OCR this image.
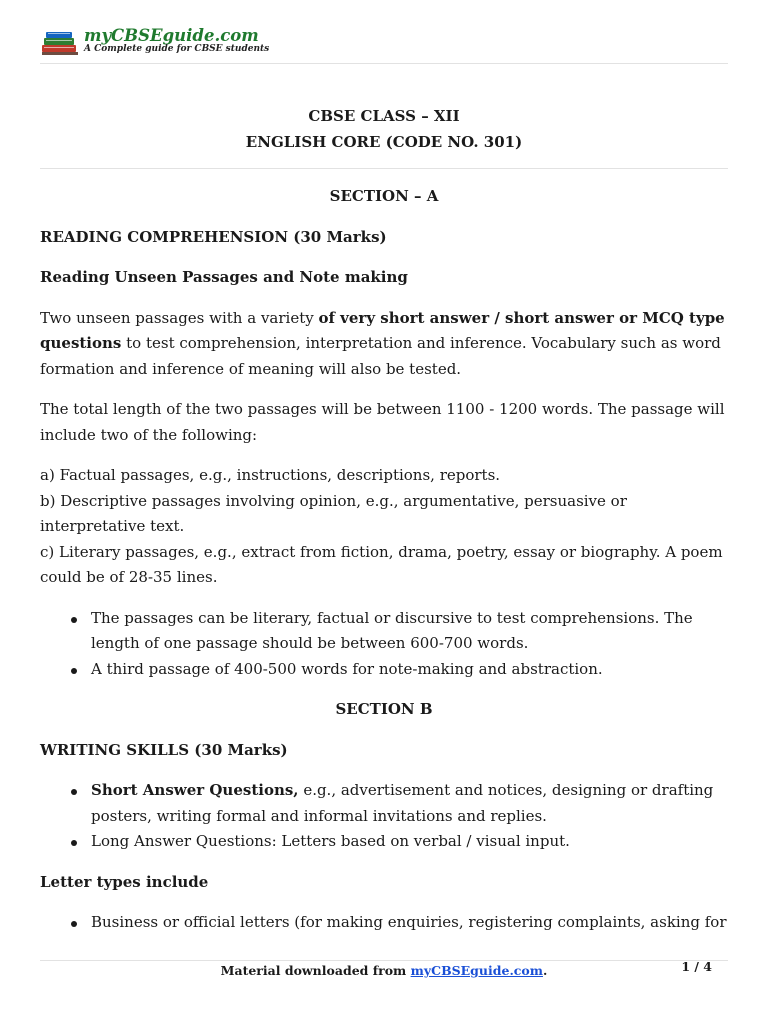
myCBSEguide.com
A Complete guide for CBSE students

CBSE CLASS – XII

ENGLISH CORE (CODE NO. 301)

SECTION – A

READING COMPREHENSION (30 Marks)

Reading Unseen Passages and Note making

Two unseen passages with a variety of very short answer / short answer or MCQ type questions to test comprehension, interpretation and inference. Vocabulary such as word formation and inference of meaning will also be tested.

The total length of the two passages will be between 1100 - 1200 words. The passage will include two of the following:

a) Factual passages, e.g., instructions, descriptions, reports.

b) Descriptive passages involving opinion, e.g., argumentative, persuasive or interpretative text.

c) Literary passages, e.g., extract from fiction, drama, poetry, essay or biography. A poem could be of 28-35 lines.

The passages can be literary, factual or discursive to test comprehensions. The length of one passage should be between 600-700 words.
A third passage of 400-500 words for note-making and abstraction.

SECTION B

WRITING SKILLS (30 Marks)

Short Answer Questions, e.g., advertisement and notices, designing or drafting posters, writing formal and informal invitations and replies.
Long Answer Questions: Letters based on verbal / visual input.

Letter types include

Business or official letters (for making enquiries, registering complaints, asking for
Material downloaded from myCBSEguide.com.	1 / 4
